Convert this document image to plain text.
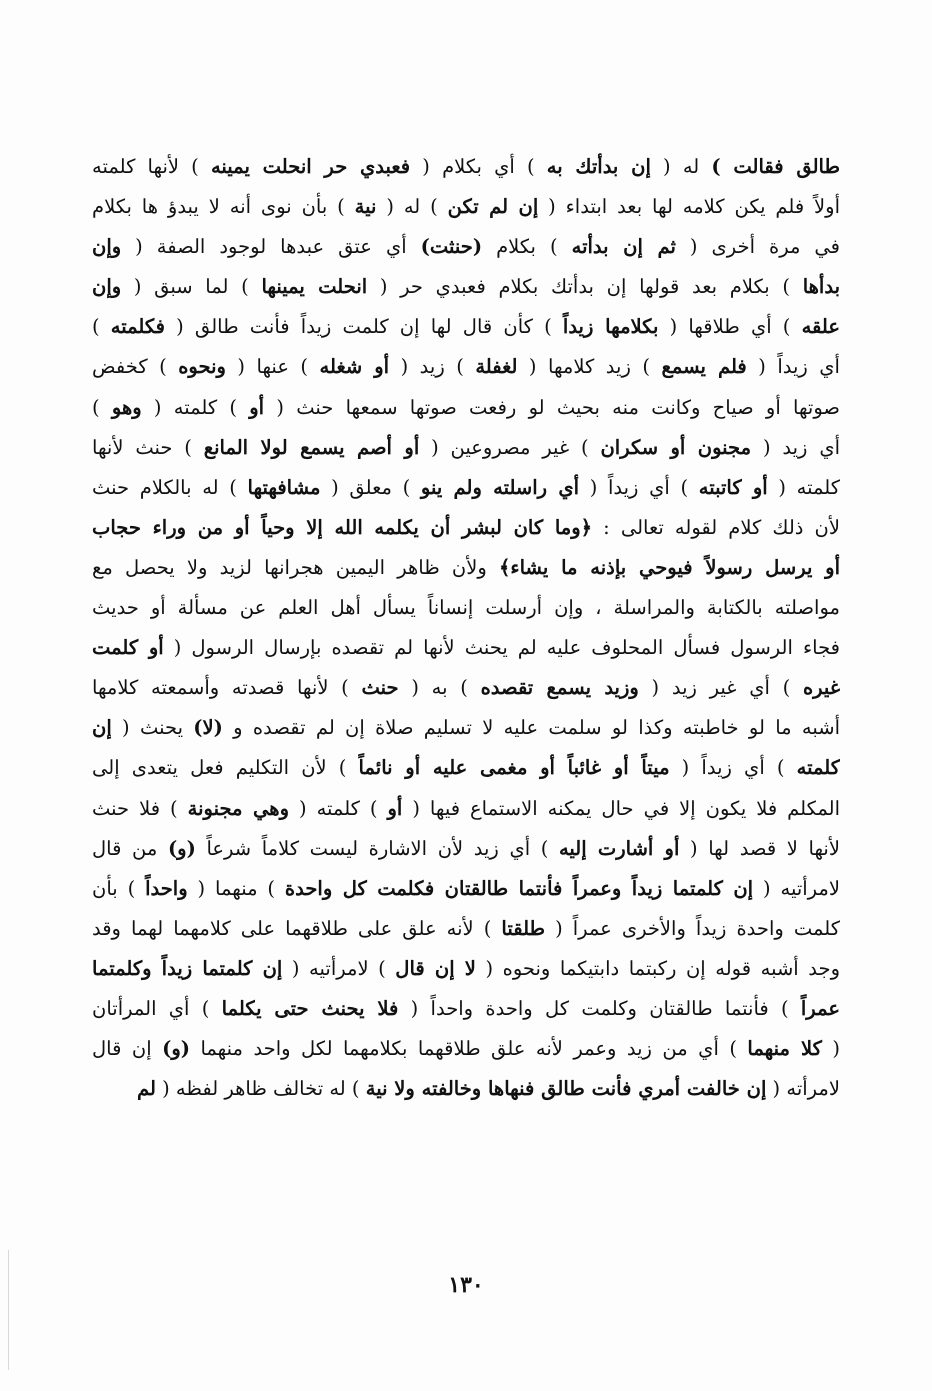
طالق فقالت ) له ( إن بدأتك به ) أي بكلام ( فعبدي حر انحلت يمينه ) لأنها كلمته
أولاً فلم يكن كلامه لها بعد ابتداء ( إن لم تكن ) له ( نية ) بأن نوى أنه لا يبدؤ ها بكلام
في مرة أخرى ( ثم إن بدأته ) بكلام (حنثت) أي عتق عبدها لوجود الصفة ( وإن
بدأها ) بكلام بعد قولها إن بدأتك بكلام فعبدي حر ( انحلت يمينها ) لما سبق ( وإن
علقه ) أي طلاقها ( بكلامها زيداً ) كأن قال لها إن كلمت زيداً فأنت طالق ( فكلمته )
أي زيداً ( فلم يسمع ) زيد كلامها ( لغفلة ) زيد ( أو شغله ) عنها ( ونحوه ) كخفض
صوتها أو صياح وكانت منه بحيث لو رفعت صوتها سمعها حنث ( أو ) كلمته ( وهو )
أي زيد ( مجنون أو سكران ) غير مصروعين ( أو أصم يسمع لولا المانع ) حنث لأنها
كلمته ( أو كاتبته ) أي زيداً ( أي راسلته ولم ينو ) معلق ( مشافهتها ) له بالكلام حنث
لأن ذلك كلام لقوله تعالى : ﴿وما كان لبشر أن يكلمه الله إلا وحياً أو من وراء حجاب
أو يرسل رسولاً فيوحي بإذنه ما يشاء﴾ ولأن ظاهر اليمين هجرانها لزيد ولا يحصل مع
مواصلته بالكتابة والمراسلة ، وإن أرسلت إنساناً يسأل أهل العلم عن مسألة أو حديث
فجاء الرسول فسأل المحلوف عليه لم يحنث لأنها لم تقصده بإرسال الرسول ( أو كلمت
غيره ) أي غير زيد ( وزيد يسمع تقصده ) به ( حنث ) لأنها قصدته وأسمعته كلامها
أشبه ما لو خاطبته وكذا لو سلمت عليه لا تسليم صلاة إن لم تقصده و (لا) يحنث ( إن
كلمته ) أي زيداً ( ميتاً أو غائباً أو مغمى عليه أو نائماً ) لأن التكليم فعل يتعدى إلى
المكلم فلا يكون إلا في حال يمكنه الاستماع فيها ( أو ) كلمته ( وهي مجنونة ) فلا حنث
لأنها لا قصد لها ( أو أشارت إليه ) أي زيد لأن الاشارة ليست كلاماً شرعاً (و) من قال
لامرأتيه ( إن كلمتما زيداً وعمراً فأنتما طالقتان فكلمت كل واحدة ) منهما ( واحداً ) بأن
كلمت واحدة زيداً والأخرى عمراً ( طلقتا ) لأنه علق على طلاقهما على كلامهما لهما وقد
وجد أشبه قوله إن ركبتما دابتيكما ونحوه ( لا إن قال ) لامرأتيه ( إن كلمتما زيداً وكلمتما
عمراً ) فأنتما طالقتان وكلمت كل واحدة واحداً ( فلا يحنث حتى يكلما ) أي المرأتان
( كلا منهما ) أي من زيد وعمر لأنه علق طلاقهما بكلامهما لكل واحد منهما (و) إن قال
لامرأته ( إن خالفت أمري فأنت طالق فنهاها وخالفته ولا نية ) له تخالف ظاهر لفظه ( لم
١٣٠
